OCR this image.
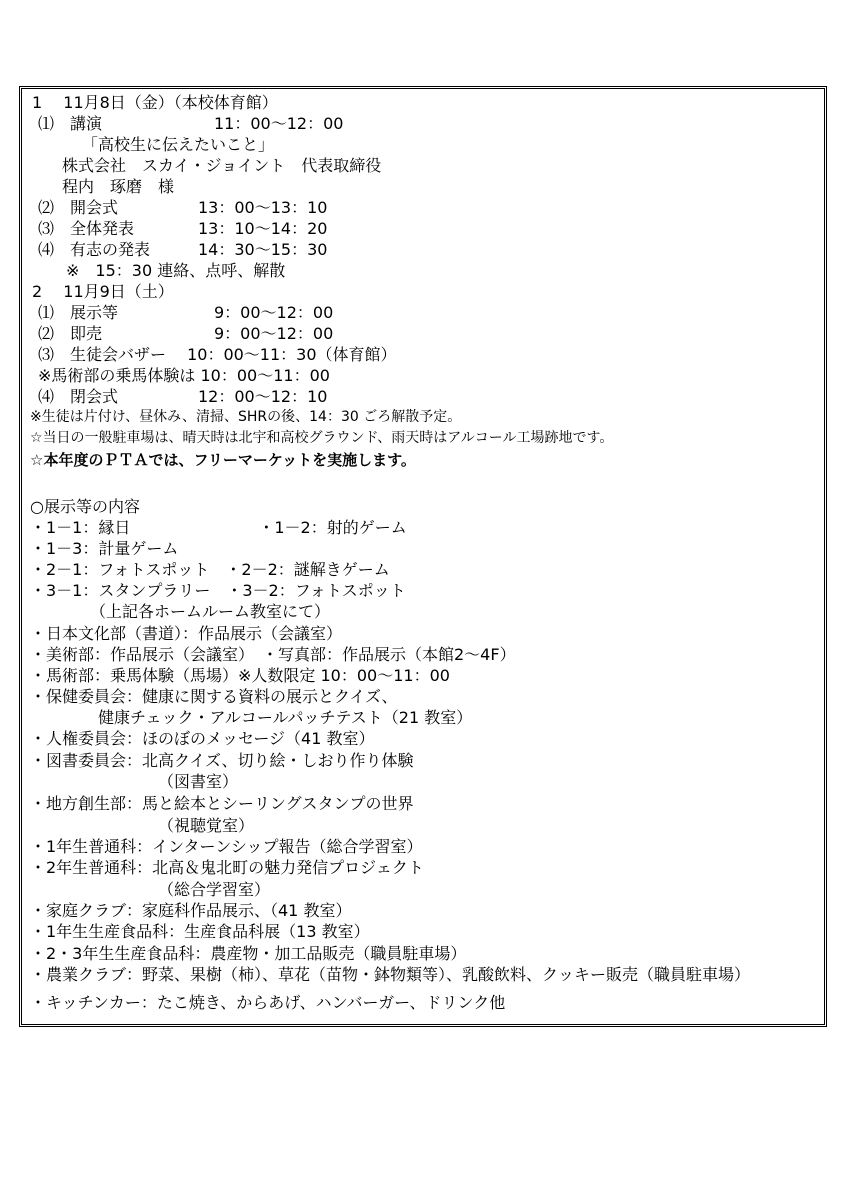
1　 11月8日（金）（本校体育館）
⑴　講演　　　　　　　11：00～12：00
「高校生に伝えたいこと」
株式会社　スカイ・ジョイント　代表取締役
程内　琢磨　様
⑵　開会式　　　　　13：00～13：10
⑶　全体発表　　　　13：10～14：20
⑷　有志の発表　　　14：30～15：30
※　15：30 連絡、点呼、解散
2　 11月9日（土）
⑴　展示等　　　　　　9：00～12：00
⑵　即売　　　　　　　9：00～12：00
⑶　生徒会バザー　 10：00～11：30（体育館）
※馬術部の乗馬体験は 10：00～11：00
⑷　閉会式　　　　　12：00～12：10
※生徒は片付け、昼休み、清掃、SHRの後、14：30 ごろ解散予定。
☆当日の一般駐車場は、晴天時は北宇和高校グラウンド、雨天時はアルコール工場跡地です。
☆本年度のＰＴＡでは、フリーマーケットを実施します。
○展示等の内容
・1－1：縁日　　　　　　　　・1－2：射的ゲーム
・1－3：計量ゲーム
・2－1：フォトスポット　・2－2：謎解きゲーム
・3－1：スタンプラリー　・3－2：フォトスポット
（上記各ホームルーム教室にて）
・日本文化部（書道）：作品展示（会議室）
・美術部：作品展示（会議室）　・写真部：作品展示（本館2～4F）
・馬術部：乗馬体験（馬場）※人数限定 10：00～11：00
・保健委員会：健康に関する資料の展示とクイズ、
健康チェック・アルコールパッチテスト（21 教室）
・人権委員会：ほのぼのメッセージ（41 教室）
・図書委員会：北高クイズ、切り絵・しおり作り体験
（図書室）
・地方創生部：馬と絵本とシーリングスタンプの世界
（視聴覚室）
・1年生普通科：インターンシップ報告（総合学習室）
・2年生普通科：北高＆鬼北町の魅力発信プロジェクト
（総合学習室）
・家庭クラブ：家庭科作品展示、（41 教室）
・1年生生産食品科：生産食品科展（13 教室）
・2・3年生生産食品科：農産物・加工品販売（職員駐車場）
・農業クラブ：野菜、果樹（柿）、草花（苗物・鉢物類等）、乳酸飲料、クッキー販売（職員駐車場）
・キッチンカー：たこ焼き、からあげ、ハンバーガー、ドリンク他
